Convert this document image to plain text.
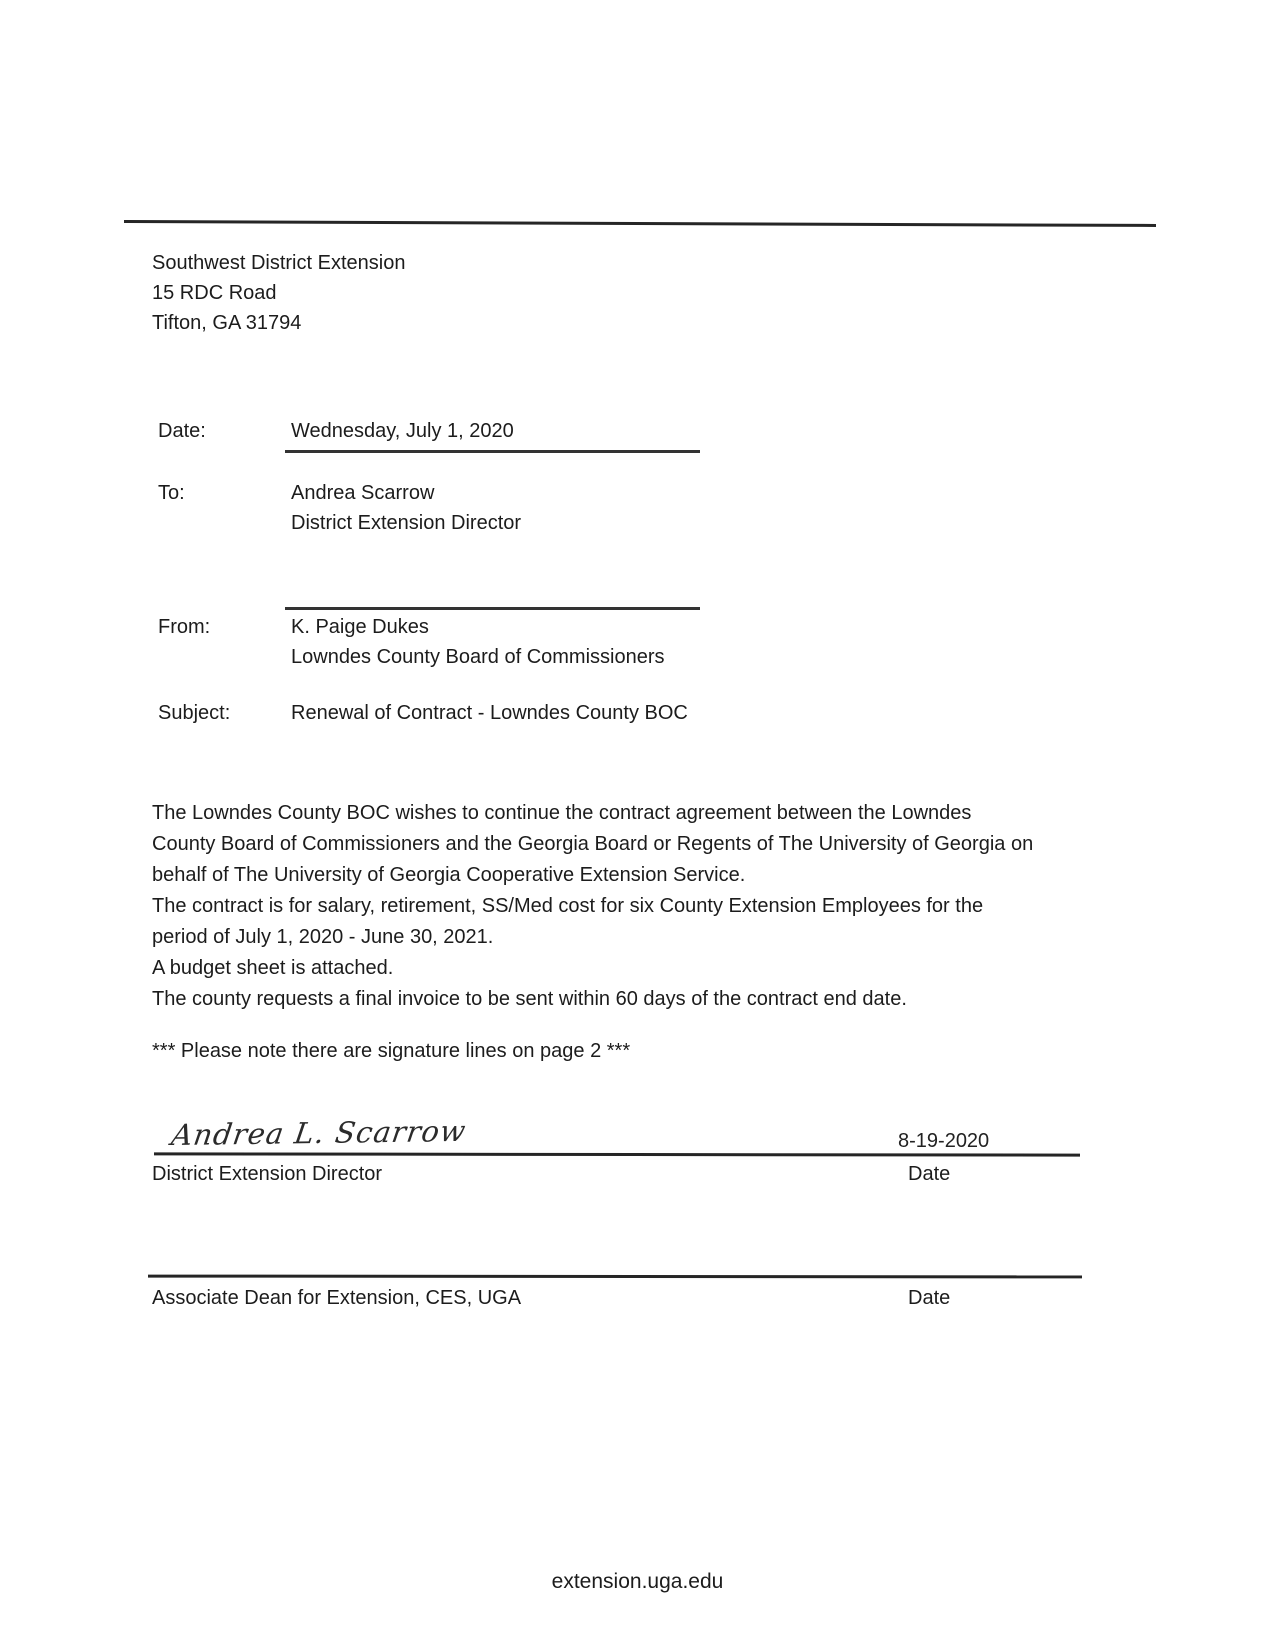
Southwest District Extension
15 RDC Road
Tifton, GA 31794
Date:	Wednesday, July 1, 2020
To:	Andrea Scarrow
District Extension Director
From:	K. Paige Dukes
Lowndes County Board of Commissioners
Subject:	Renewal of Contract - Lowndes County BOC
The Lowndes County BOC wishes to continue the contract agreement between the Lowndes
County Board of Commissioners and the Georgia Board or Regents of The University of Georgia on
behalf of The University of Georgia Cooperative Extension Service.
The contract is for salary, retirement, SS/Med cost for six County Extension Employees for the
period of July 1, 2020 - June 30, 2021.
A budget sheet is attached.
The county requests a final invoice to be sent within 60 days of the contract end date.
*** Please note there are signature lines on page 2 ***
Andrea L. Scarrow	8-19-2020
District Extension Director	Date
Associate Dean for Extension, CES, UGA	Date
extension.uga.edu
